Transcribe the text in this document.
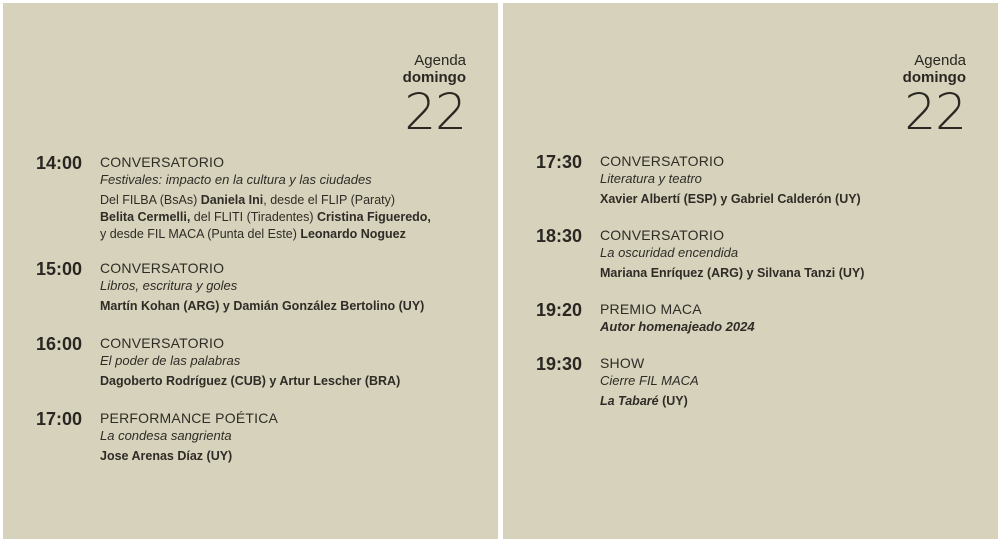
Agenda
domingo
22
14:00 CONVERSATORIO
Festivales: impacto en la cultura y las ciudades
Del FILBA (BsAs) Daniela Ini, desde el FLIP (Paraty)
Belita Cermelli, del FLITI (Tiradentes) Cristina Figueredo,
y desde FIL MACA (Punta del Este) Leonardo Noguez
15:00 CONVERSATORIO
Libros, escritura y goles
Martín Kohan (ARG) y Damián González Bertolino (UY)
16:00 CONVERSATORIO
El poder de las palabras
Dagoberto Rodríguez (CUB) y Artur Lescher (BRA)
17:00 PERFORMANCE POÉTICA
La condesa sangrienta
Jose Arenas Díaz (UY)
Agenda
domingo
22
17:30 CONVERSATORIO
Literatura y teatro
Xavier Albertí (ESP) y Gabriel Calderón (UY)
18:30 CONVERSATORIO
La oscuridad encendida
Mariana Enríquez (ARG) y Silvana Tanzi (UY)
19:20 PREMIO MACA
Autor homenajeado 2024
19:30 SHOW
Cierre FIL MACA
La Tabaré (UY)
